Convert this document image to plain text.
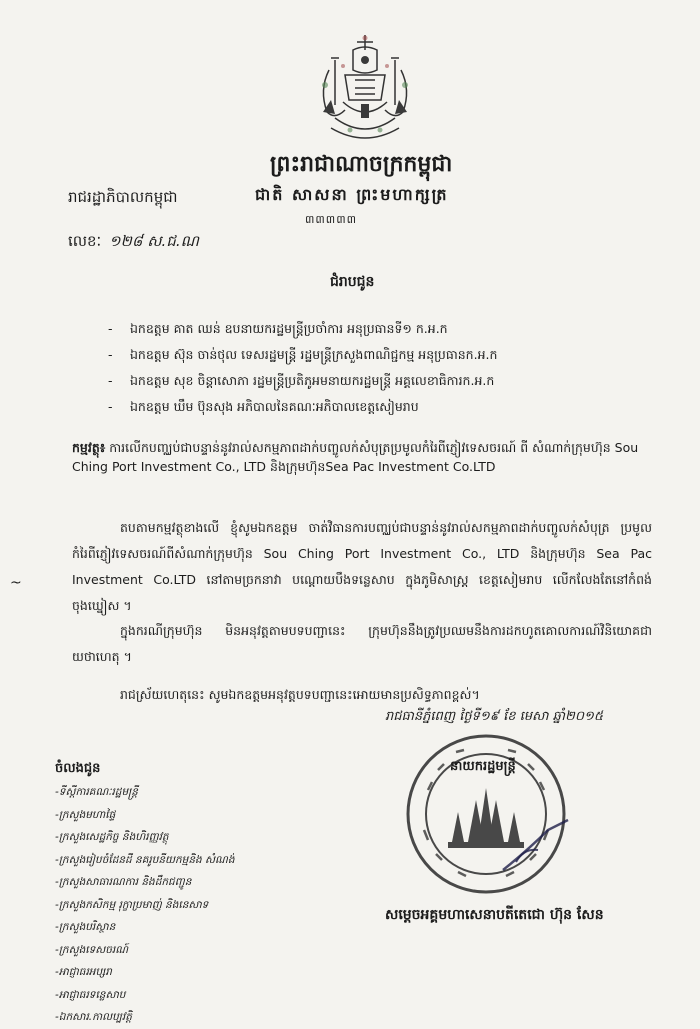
ព្រះរាជាណាចក្រកម្ពុជា
រាជរដ្ឋាភិបាលកម្ពុជា	ជាតិ សាសនា ព្រះមហាក្សត្រ
៣៣៣៣៣
លេខៈ ១២៨ ស.ជ.ណ
ជំរាបជូន
-	ឯកឧត្តម គាត ឈន់ ឧបនាយករដ្ឋមន្ត្រីប្រចាំការ អនុប្រធានទី១ ក.អ.ក
-	ឯកឧត្តម ស៊ុន ចាន់ថុល ទេសរដ្ឋមន្ត្រី រដ្ឋមន្ត្រីក្រសួងពាណិជ្ជកម្ម អនុប្រធានក.អ.ក
-	ឯកឧត្តម សុខ ចិន្តាសោភា រដ្ឋមន្ត្រីប្រតិភូអមនាយករដ្ឋមន្ត្រី អគ្គលេខាធិការក.អ.ក
-	ឯកឧត្តម ឃឹម ប៊ុនសុង អភិបាលនៃគណៈអភិបាលខេត្តសៀមរាប
កម្មវត្ថុ៖ ការលើកបញ្ឈប់ជាបន្ទាន់នូវរាល់សកម្មភាពដាក់បញ្ចូលក់សំបុត្រប្រមូលកំរៃពីភ្ញៀវទេសចរណ៍ ពី សំណាក់ក្រុមហ៊ុន Sou Ching Port Investment Co., LTD និងក្រុមហ៊ុនSea Pac Investment Co.LTD
តបតាមកម្មវត្ថុខាងលើ ខ្ញុំសូមឯកឧត្តម ចាត់វិធានការបញ្ឈប់ជាបន្ទាន់នូវរាល់សកម្មភាពដាក់បញ្ចូលក់សំបុត្រ ប្រមូលកំរៃពីភ្ញៀវទេសចរណ៍ពីសំណាក់ក្រុមហ៊ុន Sou Ching Port Investment Co., LTD និងក្រុមហ៊ុន Sea Pac Investment Co.LTD នៅតាមច្រកនាវា បណ្តោយបឹងទន្លេសាប ក្នុងភូមិសាស្ត្រ ខេត្តសៀមរាប លើកលែងតែនៅកំពង់ចុងឃ្នៀស ។
ក្នុងករណីក្រុមហ៊ុន មិនអនុវត្តតាមបទបញ្ជានេះ ក្រុមហ៊ុននឹងត្រូវប្រឈមនឹងការដកហូតគោលការណ៍វិនិយោគជាយថាហេតុ ។
រាជស្រ័យហេតុនេះ សូមឯកឧត្តមអនុវត្តបទបញ្ជានេះអោយមានប្រសិទ្ធភាពខ្ពស់។
~
រាជធានីភ្នំពេញ ថ្ងៃទី១៩ ខែ មេសា ឆ្នាំ២០១៥
ចំលងជូន
-ទីស្តីការគណៈរដ្ឋមន្ត្រី
-ក្រសួងមហាផ្ទៃ
-ក្រសួងសេដ្ឋកិច្ច និងហិរញ្ញវត្ថុ
-ក្រសួងរៀបចំដែនដី នគរូបនីយកម្មនិង សំណង់
-ក្រសួងសាធារណការ និងដឹកជញ្ជូន
-ក្រសួងកសិកម្ម រុក្ខាប្រមាញ់ និងនេសាទ
-ក្រសួងបរិស្ថាន
-ក្រសួងទេសចរណ៍
-អាជ្ញាធរអប្សរា
-អាជ្ញាធរទន្លេសាប
-ឯកសារ.កាលប្បវត្តិ
នាយករដ្ឋមន្ត្រី
សម្តេចអគ្គមហាសេនាបតីតេជោ ហ៊ុន សែន
